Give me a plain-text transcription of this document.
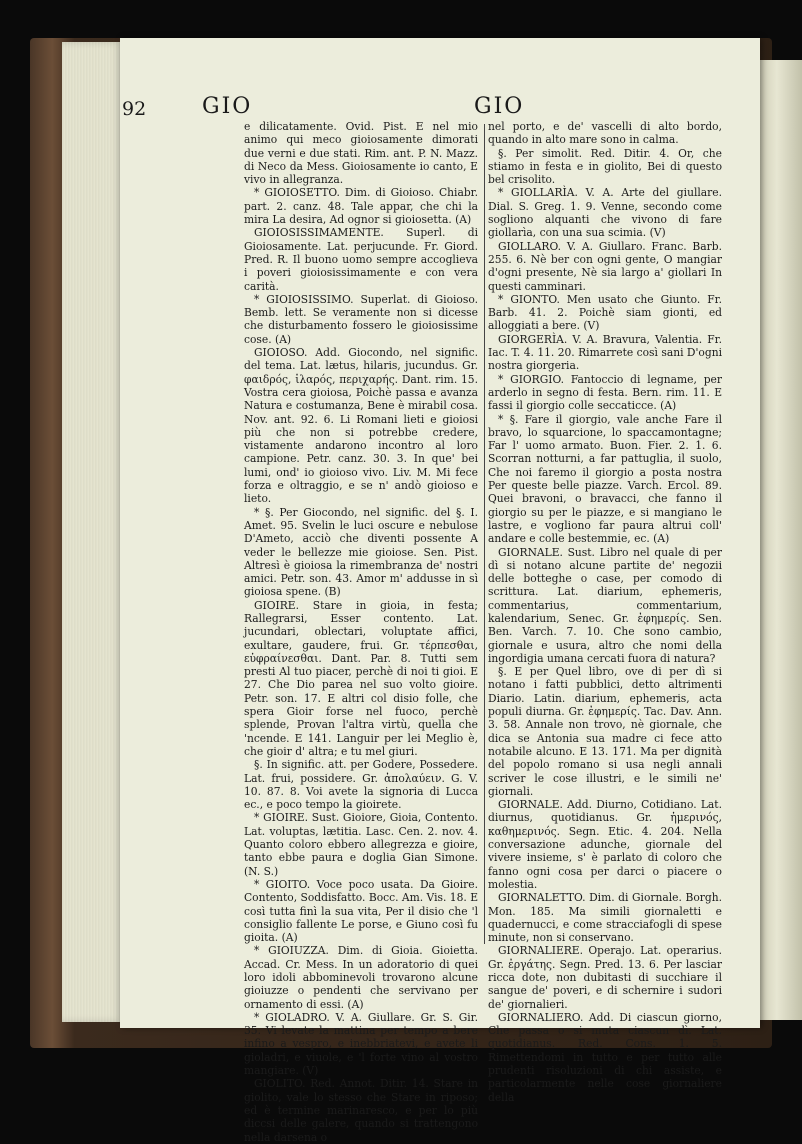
92	GIO	GIO

e dilicatamente. Ovid. Pist. E nel mio animo qui meco gioiosamente dimorati due verni e due stati. Rim. ant. P. N. Mazz. di Neco da Mess. Gioiosamente io canto, E vivo in allegranza.

* GIOIOSETTO. Dim. di Gioioso. Chiabr. part. 2. canz. 48. Tale appar, che chi la mira La desira, Ad ognor si gioiosetta. (A)

GIOIOSISSIMAMENTE. Superl. di Gioiosamente. Lat. perjucunde. Fr. Giord. Pred. R. Il buono uomo sempre accoglieva i poveri gioiosissimamente e con vera carità.

* GIOIOSISSIMO. Superlat. di Gioioso. Bemb. lett. Se veramente non si dicesse che disturbamento fossero le gioiosissime cose. (A)

GIOIOSO. Add. Giocondo, nel signific. del tema. Lat. lætus, hilaris, jucundus. Gr. φαιδρός, ἱλαρός, περιχαρής. Dant. rim. 15. Vostra cera gioiosa, Poichè passa e avanza Natura e costumanza, Bene è mirabil cosa. Nov. ant. 92. 6. Li Romani lieti e gioiosi più che non si potrebbe credere, vistamente andarono incontro al loro campione. Petr. canz. 30. 3. In que' bei lumi, ond' io gioioso vivo. Liv. M. Mi fece forza e oltraggio, e se n' andò gioioso e lieto.

* §. Per Giocondo, nel signific. del §. I. Amet. 95. Svelin le luci oscure e nebulose D'Ameto, acciò che diventi possente A veder le bellezze mie gioiose. Sen. Pist. Altresì è gioiosa la rimembranza de' nostri amici. Petr. son. 43. Amor m' addusse in sì gioiosa spene. (B)

GIOIRE. Stare in gioia, in festa; Rallegrarsi, Esser contento. Lat. jucundari, oblectari, voluptate affici, exultare, gaudere, frui. Gr. τέρπεσθαι, εὐφραίνεσθαι. Dant. Par. 8. Tutti sem presti Al tuo piacer, perchè di noi ti gioi. E 27. Che Dio parea nel suo volto gioire. Petr. son. 17. E altri col disio folle, che spera Gioir forse nel fuoco, perchè splende, Provan l'altra virtù, quella che 'ncende. E 141. Languir per lei Meglio è, che gioir d' altra; e tu mel giuri.

§. In signific. att. per Godere, Possedere. Lat. frui, possidere. Gr. ἀπολαύειν. G. V. 10. 87. 8. Voi avete la signoria di Lucca ec., e poco tempo la gioirete.

* GIOIRE. Sust. Gioiore, Gioia, Contento. Lat. voluptas, lætitia. Lasc. Cen. 2. nov. 4. Quanto coloro ebbero allegrezza e gioire, tanto ebbe paura e doglia Gian Simone. (N. S.)

* GIOITO. Voce poco usata. Da Gioire. Contento, Soddisfatto. Bocc. Am. Vis. 18. E così tutta finì la sua vita, Per il disio che 'l consiglio fallente Le porse, e Giuno così fu gioita. (A)

* GIOIUZZA. Dim. di Gioia. Gioietta. Accad. Cr. Mess. In un adoratorio di quei loro idoli abbominevoli trovarono alcune gioiuzze o pendenti che servivano per ornamento di essi. (A)

* GIOLADRO. V. A. Giullare. Gr. S. Gir. 35. Vi levate la mattina per tempo a bere infino a vespro, e inebbriatevi, e avete li gioladri, e viuole, e 'l forte vino al vostro mangiare. (V)

GIOLITO. Red. Annot. Ditir. 14. Stare in giolito, vale lo stesso che Stare in riposo; ed è termine marinaresco, e per lo più diccsi delle galere, quando si trattengono nella darsena o

nel porto, e de' vascelli di alto bordo, quando in alto mare sono in calma.

§. Per simolit. Red. Ditir. 4. Or, che stiamo in festa e in giolito, Bei di questo bel crisolito.

* GIOLLARÌA. V. A. Arte del giullare. Dial. S. Greg. 1. 9. Venne, secondo come sogliono alquanti che vivono di fare giollarìa, con una sua scimia. (V)

GIOLLARO. V. A. Giullaro. Franc. Barb. 255. 6. Nè ber con ogni gente, O mangiar d'ogni presente, Nè sia largo a' giollari In questi camminari.

* GIONTO. Men usato che Giunto. Fr. Barb. 41. 2. Poichè siam gionti, ed alloggiati a bere. (V)

GIORGERÌA. V. A. Bravura, Valentia. Fr. Iac. T. 4. 11. 20. Rimarrete così sani D'ogni nostra giorgeria.

* GIORGIO. Fantoccio di legname, per arderlo in segno di festa. Bern. rim. 11. E fassi il giorgio colle seccaticce. (A)

* §. Fare il giorgio, vale anche Fare il bravo, lo squarcione, lo spaccamontagne; Far l' uomo armato. Buon. Fier. 2. 1. 6. Scorran notturni, a far pattuglia, il suolo, Che noi faremo il giorgio a posta nostra Per queste belle piazze. Varch. Ercol. 89. Quei bravoni, o bravacci, che fanno il giorgio su per le piazze, e si mangiano le lastre, e vogliono far paura altrui coll' andare e colle bestemmie, ec. (A)

GIORNALE. Sust. Libro nel quale di per dì si notano alcune partite de' negozii delle botteghe o case, per comodo di scrittura. Lat. diarium, ephemeris, commentarius, commentarium, kalendarium, Senec. Gr. ἐφημερίς. Sen. Ben. Varch. 7. 10. Che sono cambio, giornale e usura, altro che nomi della ingordigia umana cercati fuora di natura?

§. E per Quel libro, ove di per dì si notano i fatti pubblici, detto altrimenti Diario. Latin. diarium, ephemeris, acta populi diurna. Gr. ἐφημερίς. Tac. Dav. Ann. 3. 58. Annale non trovo, nè giornale, che dica se Antonia sua madre ci fece atto notabile alcuno. E 13. 171. Ma per dignità del popolo romano si usa negli annali scriver le cose illustri, e le simili ne' giornali.

GIORNALE. Add. Diurno, Cotidiano. Lat. diurnus, quotidianus. Gr. ἡμερινός, καθημερινός. Segn. Etic. 4. 204. Nella conversazione adunche, giornale del vivere insieme, s' è parlato di coloro che fanno ogni cosa per darci o piacere o molestia.

GIORNALETTO. Dim. di Giornale. Borgh. Mon. 185. Ma simili giornaletti e quadernucci, e come stracciafogli di spese minute, non si conservano.

GIORNALIERE. Operajo. Lat. operarius. Gr. ἐργάτης. Segn. Pred. 13. 6. Per lasciar ricca dote, non dubitasti di succhiare il sangue de' poveri, e di schernire i sudori de' giornalieri.

GIORNALIERO. Add. Di ciascun giorno, Che passa o si muta ciascun dì. Lat. quotidianus. Red. Cons. 1. 5. Rimettendomi in tutto e per tutto alle prudenti risoluzioni di chi assiste, e particolarmente nelle cose giornaliere della
